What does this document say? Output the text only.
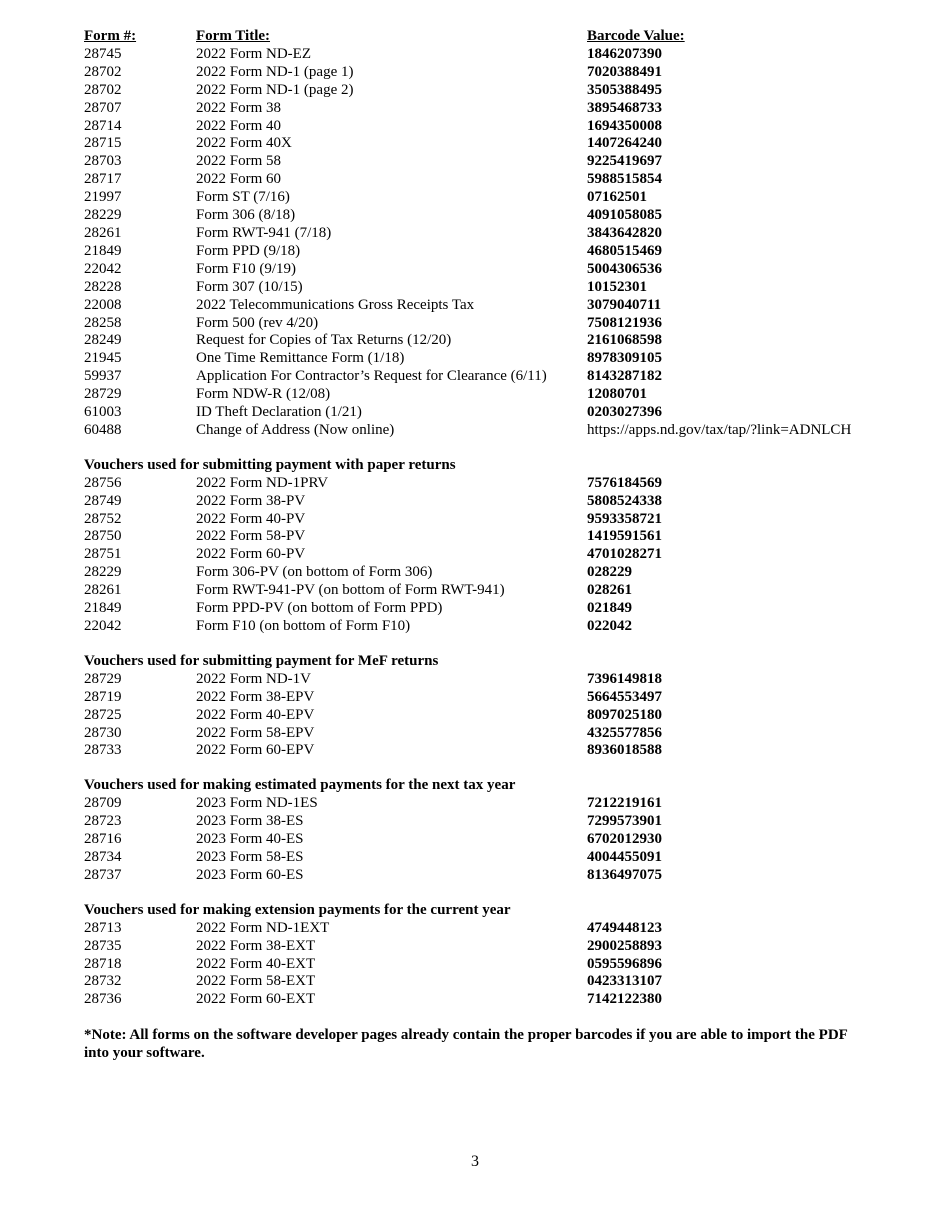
Form #:	Form Title:	Barcode Value:
28745	2022 Form ND-EZ	1846207390
28702	2022 Form ND-1 (page 1)	7020388491
28702	2022 Form ND-1 (page 2)	3505388495
28707	2022 Form 38	3895468733
28714	2022 Form 40	1694350008
28715	2022 Form 40X	1407264240
28703	2022 Form 58	9225419697
28717	2022 Form 60	5988515854
21997	Form ST (7/16)	07162501
28229	Form 306 (8/18)	4091058085
28261	Form RWT-941 (7/18)	3843642820
21849	Form PPD (9/18)	4680515469
22042	Form F10 (9/19)	5004306536
28228	Form 307 (10/15)	10152301
22008	2022 Telecommunications Gross Receipts Tax	3079040711
28258	Form 500 (rev 4/20)	7508121936
28249	Request for Copies of Tax Returns (12/20)	2161068598
21945	One Time Remittance Form (1/18)	8978309105
59937	Application For Contractor’s Request for Clearance (6/11)	8143287182
28729	Form NDW-R (12/08)	12080701
61003	ID Theft Declaration (1/21)	0203027396
60488	Change of Address (Now online)	https://apps.nd.gov/tax/tap/?link=ADNLCH
Vouchers used for submitting payment with paper returns
28756	2022 Form ND-1PRV	7576184569
28749	2022 Form 38-PV	5808524338
28752	2022 Form 40-PV	9593358721
28750	2022 Form 58-PV	1419591561
28751	2022 Form 60-PV	4701028271
28229	Form 306-PV (on bottom of Form 306)	028229
28261	Form RWT-941-PV (on bottom of Form RWT-941)	028261
21849	Form PPD-PV (on bottom of Form PPD)	021849
22042	Form F10 (on bottom of Form F10)	022042
Vouchers used for submitting payment for MeF returns
28729	2022 Form ND-1V	7396149818
28719	2022 Form 38-EPV	5664553497
28725	2022 Form 40-EPV	8097025180
28730	2022 Form 58-EPV	4325577856
28733	2022 Form 60-EPV	8936018588
Vouchers used for making estimated payments for the next tax year
28709	2023 Form ND-1ES	7212219161
28723	2023 Form 38-ES	7299573901
28716	2023 Form 40-ES	6702012930
28734	2023 Form 58-ES	4004455091
28737	2023 Form 60-ES	8136497075
Vouchers used for making extension payments for the current year
28713	2022 Form ND-1EXT	4749448123
28735	2022 Form 38-EXT	2900258893
28718	2022 Form 40-EXT	0595596896
28732	2022 Form 58-EXT	0423313107
28736	2022 Form 60-EXT	7142122380
*Note: All forms on the software developer pages already contain the proper barcodes if you are able to import the PDF into your software.
3
